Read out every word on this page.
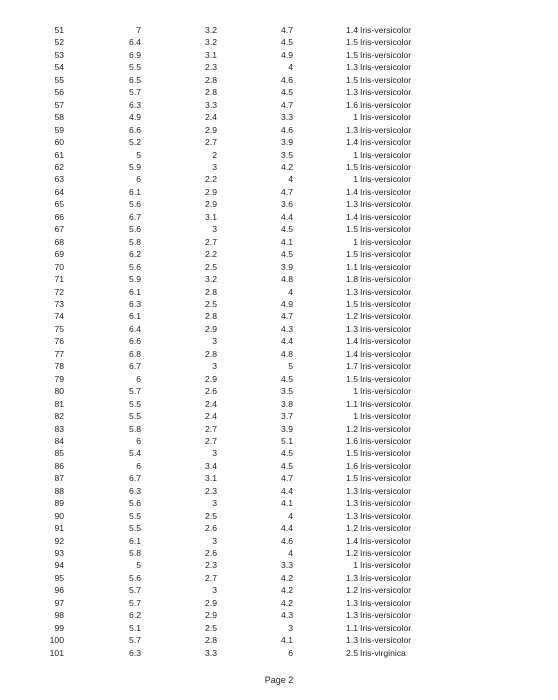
51	7	3.2	4.7	1.4	Iris-versicolor
52	6.4	3.2	4.5	1.5	Iris-versicolor
53	6.9	3.1	4.9	1.5	Iris-versicolor
54	5.5	2.3	4	1.3	Iris-versicolor
55	6.5	2.8	4.6	1.5	Iris-versicolor
56	5.7	2.8	4.5	1.3	Iris-versicolor
57	6.3	3.3	4.7	1.6	Iris-versicolor
58	4.9	2.4	3.3	1	Iris-versicolor
59	6.6	2.9	4.6	1.3	Iris-versicolor
60	5.2	2.7	3.9	1.4	Iris-versicolor
61	5	2	3.5	1	Iris-versicolor
62	5.9	3	4.2	1.5	Iris-versicolor
63	6	2.2	4	1	Iris-versicolor
64	6.1	2.9	4.7	1.4	Iris-versicolor
65	5.6	2.9	3.6	1.3	Iris-versicolor
66	6.7	3.1	4.4	1.4	Iris-versicolor
67	5.6	3	4.5	1.5	Iris-versicolor
68	5.8	2.7	4.1	1	Iris-versicolor
69	6.2	2.2	4.5	1.5	Iris-versicolor
70	5.6	2.5	3.9	1.1	Iris-versicolor
71	5.9	3.2	4.8	1.8	Iris-versicolor
72	6.1	2.8	4	1.3	Iris-versicolor
73	6.3	2.5	4.9	1.5	Iris-versicolor
74	6.1	2.8	4.7	1.2	Iris-versicolor
75	6.4	2.9	4.3	1.3	Iris-versicolor
76	6.6	3	4.4	1.4	Iris-versicolor
77	6.8	2.8	4.8	1.4	Iris-versicolor
78	6.7	3	5	1.7	Iris-versicolor
79	6	2.9	4.5	1.5	Iris-versicolor
80	5.7	2.6	3.5	1	Iris-versicolor
81	5.5	2.4	3.8	1.1	Iris-versicolor
82	5.5	2.4	3.7	1	Iris-versicolor
83	5.8	2.7	3.9	1.2	Iris-versicolor
84	6	2.7	5.1	1.6	Iris-versicolor
85	5.4	3	4.5	1.5	Iris-versicolor
86	6	3.4	4.5	1.6	Iris-versicolor
87	6.7	3.1	4.7	1.5	Iris-versicolor
88	6.3	2.3	4.4	1.3	Iris-versicolor
89	5.6	3	4.1	1.3	Iris-versicolor
90	5.5	2.5	4	1.3	Iris-versicolor
91	5.5	2.6	4.4	1.2	Iris-versicolor
92	6.1	3	4.6	1.4	Iris-versicolor
93	5.8	2.6	4	1.2	Iris-versicolor
94	5	2.3	3.3	1	Iris-versicolor
95	5.6	2.7	4.2	1.3	Iris-versicolor
96	5.7	3	4.2	1.2	Iris-versicolor
97	5.7	2.9	4.2	1.3	Iris-versicolor
98	6.2	2.9	4.3	1.3	Iris-versicolor
99	5.1	2.5	3	1.1	Iris-versicolor
100	5.7	2.8	4.1	1.3	Iris-versicolor
101	6.3	3.3	6	2.5	Iris-virginica
Page 2
